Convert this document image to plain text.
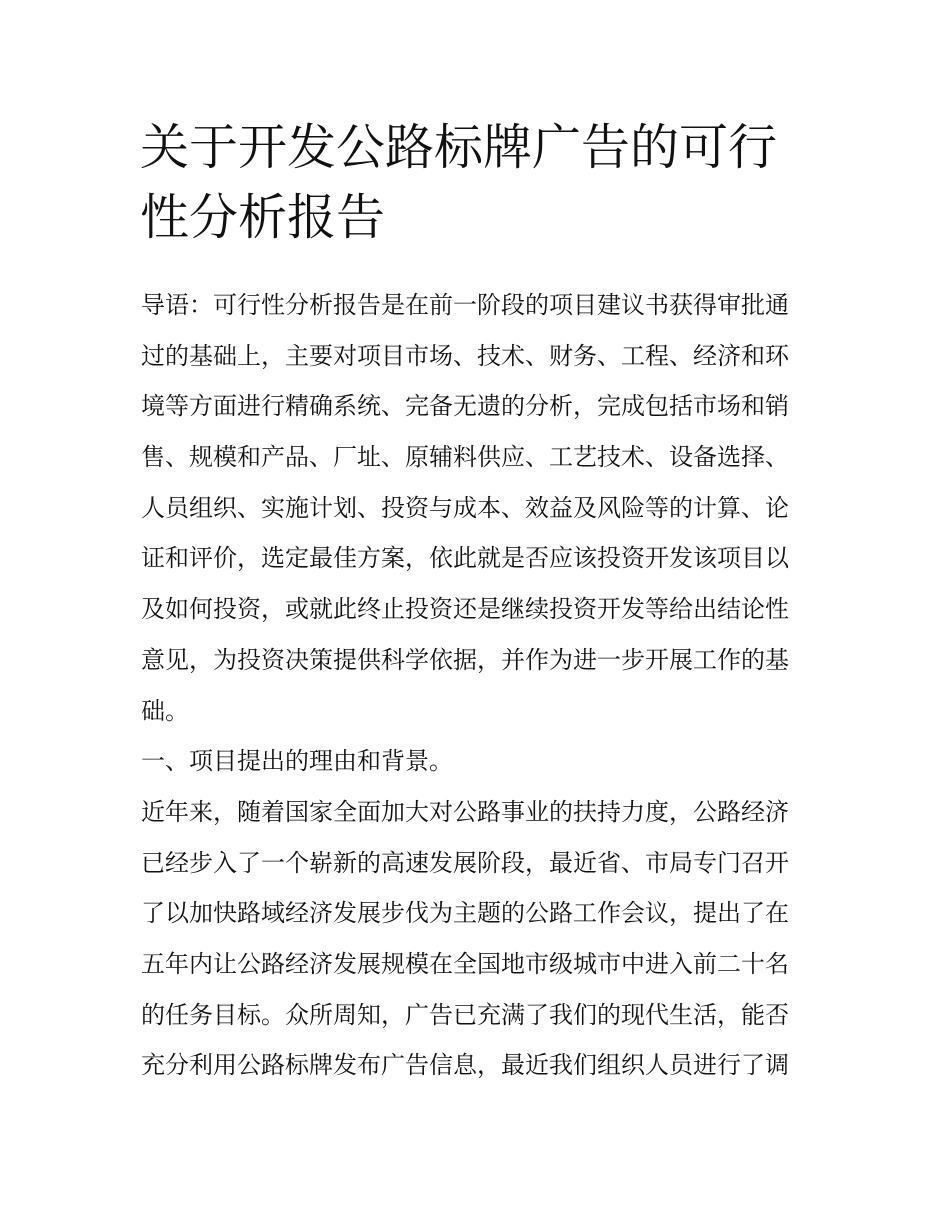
关于开发公路标牌广告的可行
性分析报告
导语：可行性分析报告是在前一阶段的项目建议书获得审批通
过的基础上，主要对项目市场、技术、财务、工程、经济和环
境等方面进行精确系统、完备无遗的分析，完成包括市场和销
售、规模和产品、厂址、原辅料供应、工艺技术、设备选择、
人员组织、实施计划、投资与成本、效益及风险等的计算、论
证和评价，选定最佳方案，依此就是否应该投资开发该项目以
及如何投资，或就此终止投资还是继续投资开发等给出结论性
意见，为投资决策提供科学依据，并作为进一步开展工作的基
础。
一、项目提出的理由和背景。
近年来，随着国家全面加大对公路事业的扶持力度，公路经济
已经步入了一个崭新的高速发展阶段，最近省、市局专门召开
了以加快路域经济发展步伐为主题的公路工作会议，提出了在
五年内让公路经济发展规模在全国地市级城市中进入前二十名
的任务目标。众所周知，广告已充满了我们的现代生活，能否
充分利用公路标牌发布广告信息，最近我们组织人员进行了调
